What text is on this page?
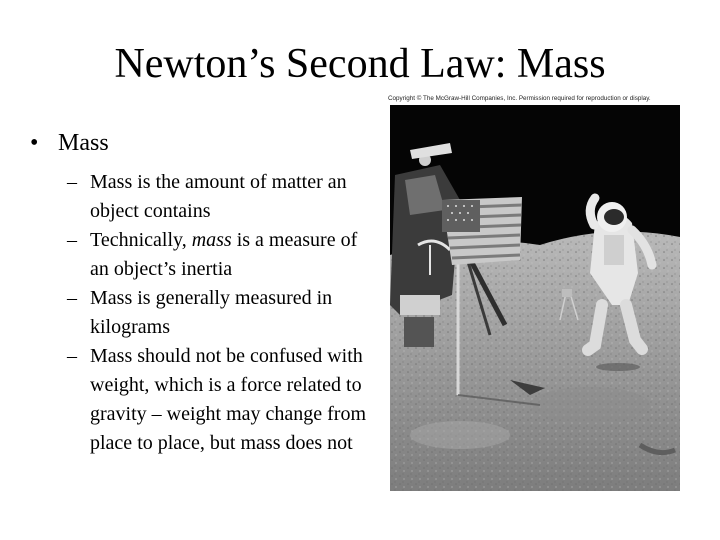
Newton’s Second Law: Mass
• Mass
– Mass is the amount of matter an object contains
– Technically, mass is a measure of an object’s inertia
– Mass is generally measured in kilograms
– Mass should not be confused with weight, which is a force related to gravity – weight may change from place to place, but mass does not
Copyright © The McGraw-Hill Companies, Inc. Permission required for reproduction or display.
